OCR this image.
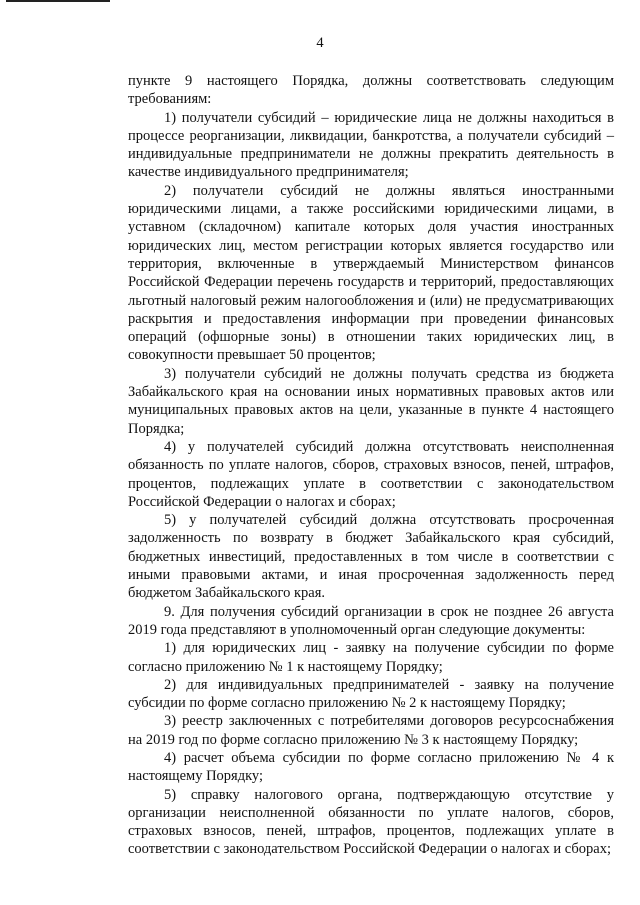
4

пункте 9 настоящего Порядка, должны соответствовать следующим требованиям:

1) получатели субсидий – юридические лица не должны находиться в процессе реорганизации, ликвидации, банкротства, а получатели субсидий – индивидуальные предприниматели не должны прекратить деятельность в качестве индивидуального предпринимателя;

2) получатели субсидий не должны являться иностранными юридическими лицами, а также российскими юридическими лицами, в уставном (складочном) капитале которых доля участия иностранных юридических лиц, местом регистрации которых является государство или территория, включенные в утверждаемый Министерством финансов Российской Федерации перечень государств и территорий, предоставляющих льготный налоговый режим налогообложения и (или) не предусматривающих раскрытия и предоставления информации при проведении финансовых операций (офшорные зоны) в отношении таких юридических лиц, в совокупности превышает 50 процентов;

3) получатели субсидий не должны получать средства из бюджета Забайкальского края на основании иных нормативных правовых актов или муниципальных правовых актов на цели, указанные в пункте 4 настоящего Порядка;

4) у получателей субсидий должна отсутствовать неисполненная обязанность по уплате налогов, сборов, страховых взносов, пеней, штрафов, процентов, подлежащих уплате в соответствии с законодательством Российской Федерации о налогах и сборах;

5) у получателей субсидий должна отсутствовать просроченная задолженность по возврату в бюджет Забайкальского края субсидий, бюджетных инвестиций, предоставленных в том числе в соответствии с иными правовыми актами, и иная просроченная задолженность перед бюджетом Забайкальского края.

9. Для получения субсидий организации в срок не позднее 26 августа 2019 года представляют в уполномоченный орган следующие документы:

1) для юридических лиц - заявку на получение субсидии по форме согласно приложению № 1 к настоящему Порядку;

2) для индивидуальных предпринимателей - заявку на получение субсидии по форме согласно приложению № 2 к настоящему Порядку;

3) реестр заключенных с потребителями договоров ресурсоснабжения на 2019 год по форме согласно приложению № 3 к настоящему Порядку;

4) расчет объема субсидии по форме согласно приложению № 4 к настоящему Порядку;

5) справку налогового органа, подтверждающую отсутствие у организации неисполненной обязанности по уплате налогов, сборов, страховых взносов, пеней, штрафов, процентов, подлежащих уплате в соответствии с законодательством Российской Федерации о налогах и сборах;
